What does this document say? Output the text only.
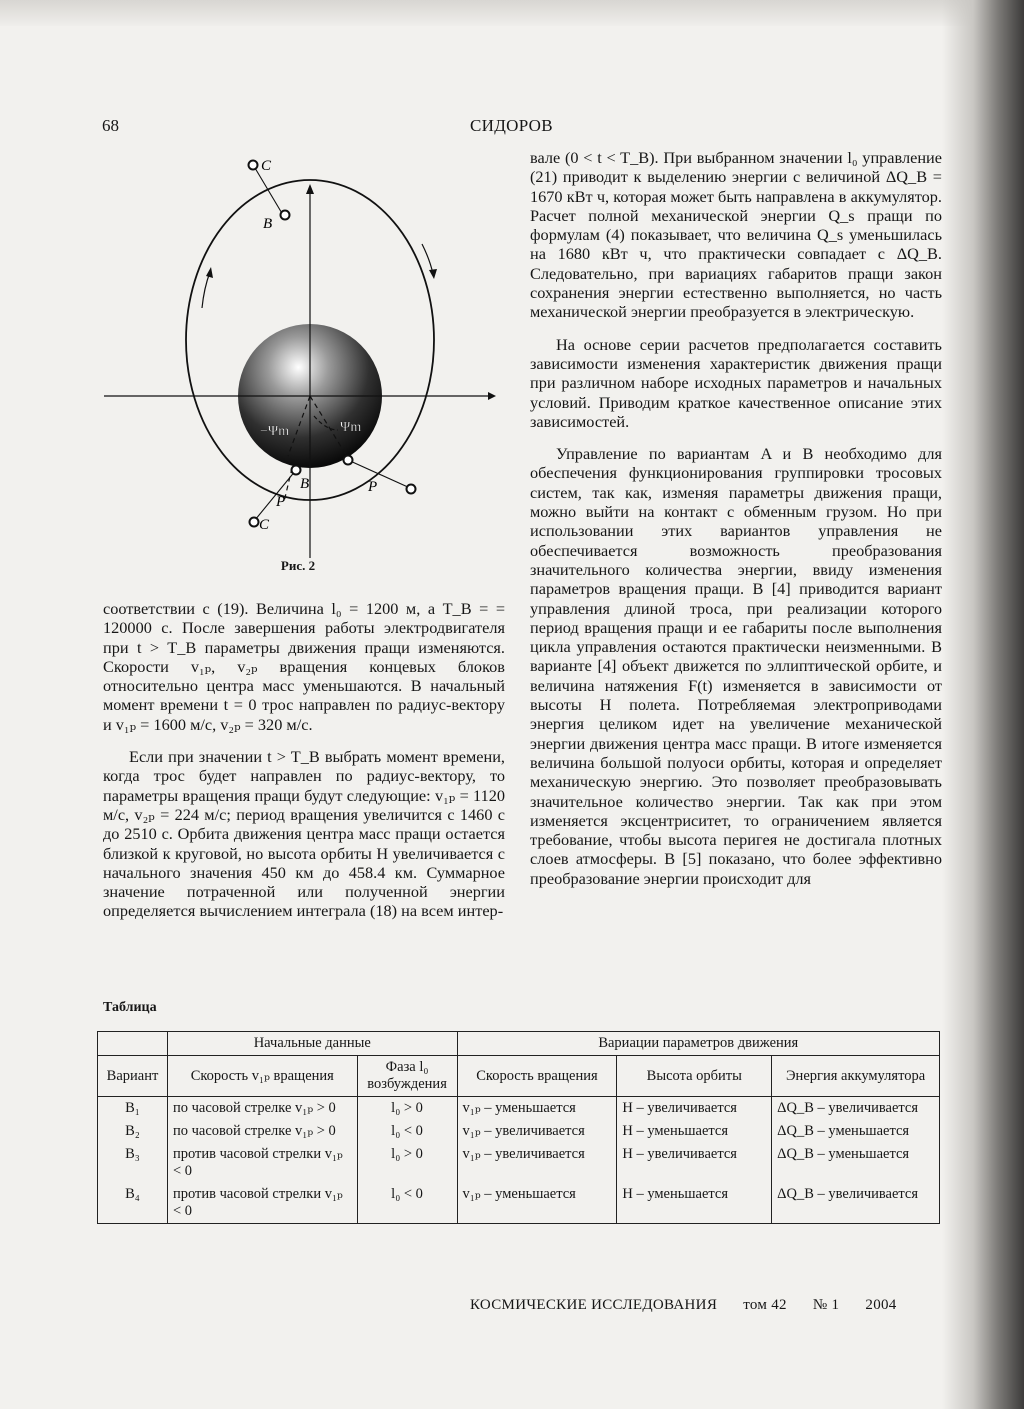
68	СИДОРОВ
C
B
−Ψm	Ψm
B
P
P
C
Рис. 2

соответствии с (19). Величина l₀ = 1200 м, а T_B = = 120000 с. После завершения работы электродвигателя при t > T_B параметры движения пращи изменяются. Скорости v₁ₚ, v₂ₚ вращения концевых блоков относительно центра масс уменьшаются. В начальный момент времени t = 0 трос направлен по радиус-вектору и v₁ₚ = 1600 м/с, v₂ₚ = 320 м/с.

Если при значении t > T_B выбрать момент времени, когда трос будет направлен по радиус-вектору, то параметры вращения пращи будут следующие: v₁ₚ = 1120 м/с, v₂ₚ = 224 м/с; период вращения увеличится с 1460 с до 2510 с. Орбита движения центра масс пращи остается близкой к круговой, но высота орбиты H увеличивается с начального значения 450 км до 458.4 км. Суммарное значение потраченной или полученной энергии определяется вычислением интеграла (18) на всем интер-

вале (0 < t < T_B). При выбранном значении l₀ управление (21) приводит к выделению энергии с величиной ΔQ_B = 1670 кВт ч, которая может быть направлена в аккумулятор. Расчет полной механической энергии Q_s пращи по формулам (4) показывает, что величина Q_s уменьшилась на 1680 кВт ч, что практически совпадает с ΔQ_B. Следовательно, при вариациях габаритов пращи закон сохранения энергии естественно выполняется, но часть механической энергии преобразуется в электрическую.

На основе серии расчетов предполагается составить зависимости изменения характеристик движения пращи при различном наборе исходных параметров и начальных условий. Приводим краткое качественное описание этих зависимостей.

Управление по вариантам A и B необходимо для обеспечения функционирования группировки тросовых систем, так как, изменяя параметры движения пращи, можно выйти на контакт с обменным грузом. Но при использовании этих вариантов управления не обеспечивается возможность преобразования значительного количества энергии, ввиду изменения параметров вращения пращи. В [4] приводится вариант управления длиной троса, при реализации которого период вращения пращи и ее габариты после выполнения цикла управления остаются практически неизменными. В варианте [4] объект движется по эллиптической орбите, и величина натяжения F(t) изменяется в зависимости от высоты H полета. Потребляемая электроприводами энергия целиком идет на увеличение механической энергии движения центра масс пращи. В итоге изменяется величина большой полуоси орбиты, которая и определяет механическую энергию. Это позволяет преобразовывать значительное количество энергии. Так как при этом изменяется эксцентриситет, то ограничением является требование, чтобы высота перигея не достигала плотных слоев атмосферы. В [5] показано, что более эффективно преобразование энергии происходит для

Таблица
	Начальные данные		Вариации параметров движения		
Вариант	Скорость v₁ₚ вращения	Фаза l₀ возбуждения	Скорость вращения	Высота орбиты	Энергия аккумулятора
B₁	по часовой стрелке v₁ₚ > 0	l₀ > 0	v₁ₚ – уменьшается	H – увеличивается	ΔQ_B – увеличивается
B₂	по часовой стрелке v₁ₚ > 0	l₀ < 0	v₁ₚ – увеличивается	H – уменьшается	ΔQ_B – уменьшается
B₃	против часовой стрелки v₁ₚ < 0	l₀ > 0	v₁ₚ – увеличивается	H – увеличивается	ΔQ_B – уменьшается
B₄	против часовой стрелки v₁ₚ < 0	l₀ < 0	v₁ₚ – уменьшается	H – уменьшается	ΔQ_B – увеличивается
КОСМИЧЕСКИЕ ИССЛЕДОВАНИЯ том 42 № 1 2004
